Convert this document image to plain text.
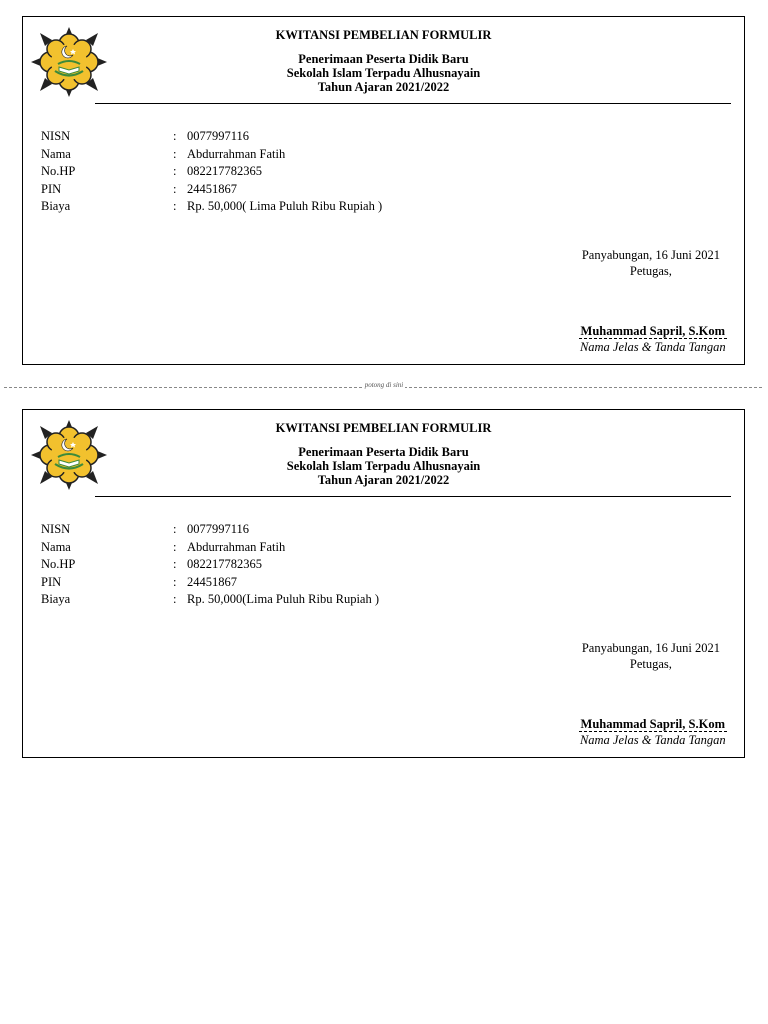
KWITANSI PEMBELIAN FORMULIR
Penerimaan Peserta Didik Baru
Sekolah Islam Terpadu Alhusnayain
Tahun Ajaran 2021/2022
NISN	: 0077997116
Nama	: Abdurrahman Fatih
No.HP	: 082217782365
PIN	: 24451867
Biaya	: Rp. 50,000( Lima Puluh Ribu Rupiah )
Panyabungan, 16 Juni 2021
Petugas,
Muhammad Sapril, S.Kom
Nama Jelas & Tanda Tangan
potong di sini
KWITANSI PEMBELIAN FORMULIR
Penerimaan Peserta Didik Baru
Sekolah Islam Terpadu Alhusnayain
Tahun Ajaran 2021/2022
NISN	: 0077997116
Nama	: Abdurrahman Fatih
No.HP	: 082217782365
PIN	: 24451867
Biaya	: Rp. 50,000(Lima Puluh Ribu Rupiah )
Panyabungan, 16 Juni 2021
Petugas,
Muhammad Sapril, S.Kom
Nama Jelas & Tanda Tangan
